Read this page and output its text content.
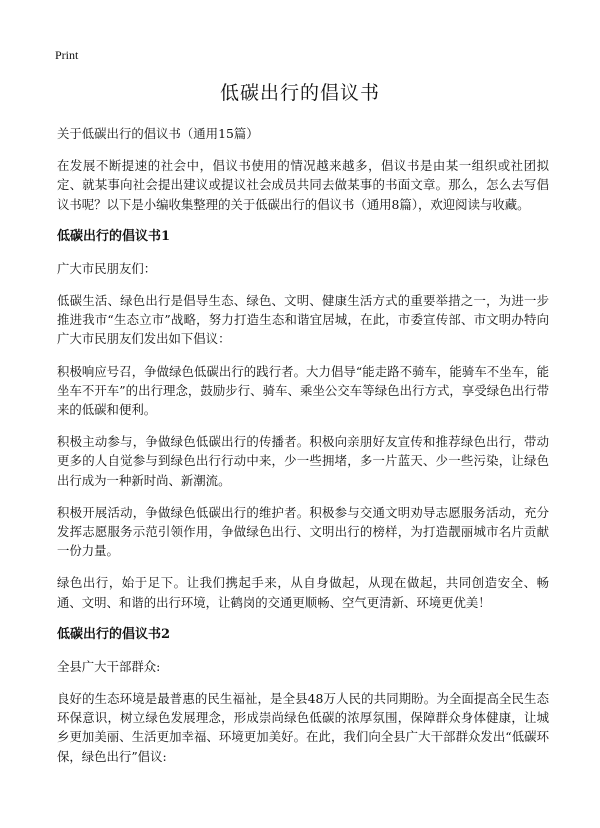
Print
低碳出行的倡议书

关于低碳出行的倡议书（通用15篇）

在发展不断提速的社会中，倡议书使用的情况越来越多，倡议书是由某一组织或社团拟定、就某事向社会提出建议或提议社会成员共同去做某事的书面文章。那么，怎么去写倡议书呢？以下是小编收集整理的关于低碳出行的倡议书（通用8篇），欢迎阅读与收藏。

低碳出行的倡议书1

广大市民朋友们：

低碳生活、绿色出行是倡导生态、绿色、文明、健康生活方式的重要举措之一，为进一步推进我市“生态立市”战略，努力打造生态和谐宜居城，在此，市委宣传部、市文明办特向广大市民朋友们发出如下倡议：

积极响应号召，争做绿色低碳出行的践行者。大力倡导“能走路不骑车，能骑车不坐车，能坐车不开车”的出行理念，鼓励步行、骑车、乘坐公交车等绿色出行方式，享受绿色出行带来的低碳和便利。

积极主动参与，争做绿色低碳出行的传播者。积极向亲朋好友宣传和推荐绿色出行，带动更多的人自觉参与到绿色出行行动中来，少一些拥堵，多一片蓝天、少一些污染，让绿色出行成为一种新时尚、新潮流。

积极开展活动，争做绿色低碳出行的维护者。积极参与交通文明劝导志愿服务活动，充分发挥志愿服务示范引领作用，争做绿色出行、文明出行的榜样，为打造靓丽城市名片贡献一份力量。

绿色出行，始于足下。让我们携起手来，从自身做起，从现在做起，共同创造安全、畅通、文明、和谐的出行环境，让鹤岗的交通更顺畅、空气更清新、环境更优美！

低碳出行的倡议书2

全县广大干部群众:

良好的生态环境是最普惠的民生福祉，是全县48万人民的共同期盼。为全面提高全民生态环保意识，树立绿色发展理念，形成崇尚绿色低碳的浓厚氛围，保障群众身体健康，让城乡更加美丽、生活更加幸福、环境更加美好。在此，我们向全县广大干部群众发出“低碳环保，绿色出行”倡议:
